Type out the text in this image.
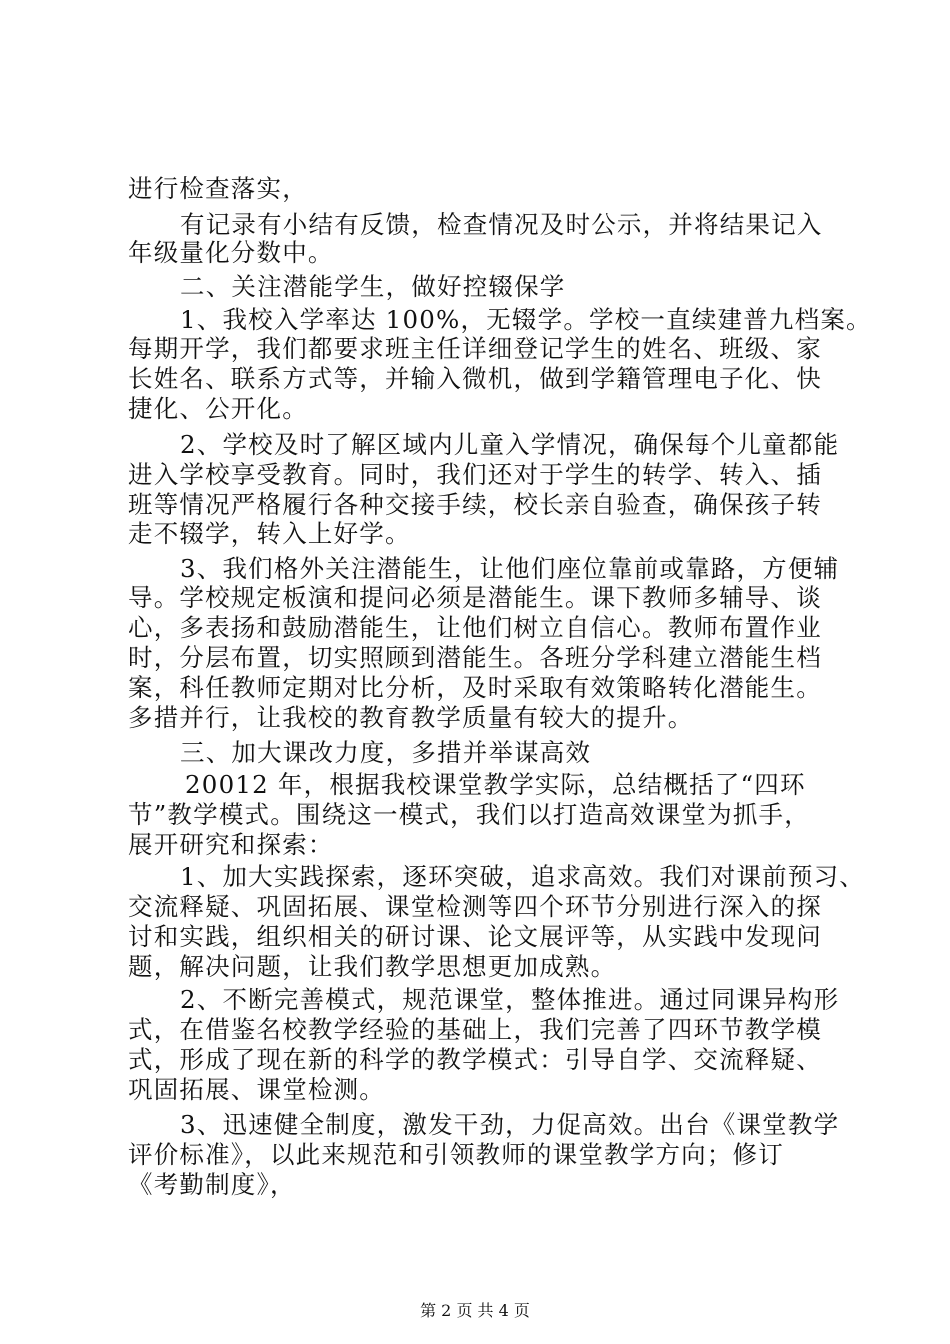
进行检查落实，
有记录有小结有反馈，检查情况及时公示，并将结果记入
年级量化分数中。
二、关注潜能学生，做好控辍保学
1、我校入学率达 100%，无辍学。学校一直续建普九档案。
每期开学，我们都要求班主任详细登记学生的姓名、班级、家
长姓名、联系方式等，并输入微机，做到学籍管理电子化、快
捷化、公开化。
2、学校及时了解区域内儿童入学情况，确保每个儿童都能
进入学校享受教育。同时，我们还对于学生的转学、转入、插
班等情况严格履行各种交接手续，校长亲自验查，确保孩子转
走不辍学，转入上好学。
3、我们格外关注潜能生，让他们座位靠前或靠路，方便辅
导。学校规定板演和提问必须是潜能生。课下教师多辅导、谈
心，多表扬和鼓励潜能生，让他们树立自信心。教师布置作业
时，分层布置，切实照顾到潜能生。各班分学科建立潜能生档
案，科任教师定期对比分析，及时采取有效策略转化潜能生。
多措并行，让我校的教育教学质量有较大的提升。
三、加大课改力度，多措并举谋高效
20012 年，根据我校课堂教学实际，总结概括了“四环
节”教学模式。围绕这一模式，我们以打造高效课堂为抓手，
展开研究和探索：
1、加大实践探索，逐环突破，追求高效。我们对课前预习、
交流释疑、巩固拓展、课堂检测等四个环节分别进行深入的探
讨和实践，组织相关的研讨课、论文展评等，从实践中发现问
题，解决问题，让我们教学思想更加成熟。
2、不断完善模式，规范课堂，整体推进。通过同课异构形
式，在借鉴名校教学经验的基础上，我们完善了四环节教学模
式，形成了现在新的科学的教学模式：引导自学、交流释疑、
巩固拓展、课堂检测。
3、迅速健全制度，激发干劲，力促高效。出台《课堂教学
评价标准》，以此来规范和引领教师的课堂教学方向；修订
《考勤制度》，
第 2 页 共 4 页
